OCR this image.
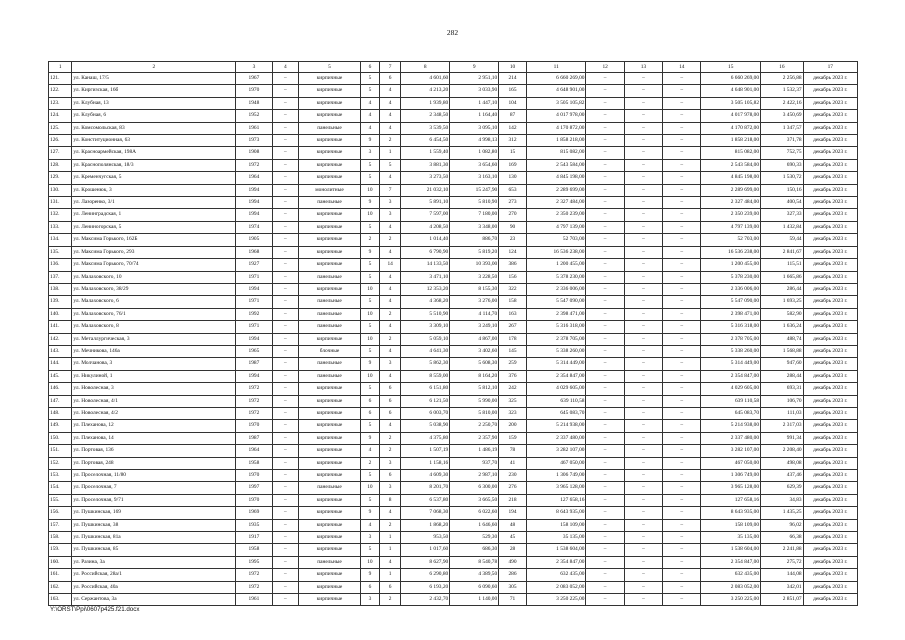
282
1	2	3	4	5	6	7	8	9	10	11	12	13	14	15	16	17
121.	ул. Канаш, 17/5	1967	–	кирпичные	5	6	4 601,60	2 951,10	214	6 660 269,00	–	–	–	6 660 269,00	2 256,88	декабрь 2023 г.
122.	ул. Киргизская, 16б	1970	–	кирпичные	5	4	4 213,20	3 033,90	165	4 648 901,00	–	–	–	4 648 901,00	1 532,37	декабрь 2023 г.
123.	ул. Клубная, 13	1948	–	кирпичные	4	4	1 939,80	1 447,10	104	3 505 105,82	–	–	–	3 505 105,82	2 422,16	декабрь 2023 г.
124.	ул. Клубная, 6	1952	–	кирпичные	4	4	2 348,50	1 164,40	87	4 017 978,00	–	–	–	4 017 978,00	3 450,69	декабрь 2023 г.
125.	ул. Комсомольская, 83	1961	–	панельные	4	4	3 539,50	3 095,10	142	4 170 872,00	–	–	–	4 170 872,00	1 347,57	декабрь 2023 г.
126.	ул. Конституционная, 63	1973	–	кирпичные	9	2	6 454,50	4 998,13	312	1 858 218,00	–	–	–	1 858 218,00	371,78	декабрь 2023 г.
127.	ул. Красноармейская, 198А	1908	–	кирпичные	3	1	1 559,40	1 082,80	15	815 082,00	–	–	–	815 082,00	752,75	декабрь 2023 г.
128.	ул. Краснополянская, 18/3	1972	–	кирпичные	5	5	3 881,30	3 654,60	169	2 543 584,00	–	–	–	2 543 584,00	690,33	декабрь 2023 г.
129.	ул. Кременчугская, 5	1964	–	кирпичные	5	4	3 273,50	3 163,10	130	4 845 198,00	–	–	–	4 845 198,00	1 530,72	декабрь 2023 г.
130.	ул. Крошенюк, 3	1994	–	монолитные	10	7	21 032,10	15 247,90	653	2 289 699,00	–	–	–	2 289 699,00	150,16	декабрь 2023 г.
131.	ул. Лазоренко, 3/1	1994	–	панельные	9	3	5 891,10	5 810,90	273	2 327 484,00	–	–	–	2 327 484,00	400,54	декабрь 2023 г.
132.	ул. Ленинградская, 1	1994	–	кирпичные	10	3	7 597,00	7 180,00	270	2 350 239,00	–	–	–	2 350 239,00	327,33	декабрь 2023 г.
133.	ул. Лениногорская, 5	1974	–	кирпичные	5	4	4 208,50	3 348,00	90	4 797 139,00	–	–	–	4 797 139,00	1 432,84	декабрь 2023 г.
134.	ул. Максима Горького, 162Б	1905	–	кирпичные	2	2	1 014,40	886,70	23	52 703,00	–	–	–	52 703,00	59,44	декабрь 2023 г.
135.	ул. Максима Горького, 293	1968	–	кирпичные	9	4	6 790,90	5 819,20	124	16 536 238,00	–	–	–	16 536 238,00	2 841,67	декабрь 2023 г.
136.	ул. Максима Горького, 70/74	1927	–	кирпичные	5	14	14 133,50	10 393,00	386	1 200 455,00	–	–	–	1 200 455,00	115,51	декабрь 2023 г.
137.	ул. Малаховского, 10	1971	–	панельные	5	4	3 471,10	3 228,50	156	5 378 230,00	–	–	–	5 378 230,00	1 665,86	декабрь 2023 г.
138.	ул. Малаховского, 38/29	1994	–	кирпичные	10	4	12 353,20	8 155,30	322	2 336 006,00	–	–	–	2 336 006,00	286,44	декабрь 2023 г.
139.	ул. Малаховского, 6	1971	–	панельные	5	4	4 368,20	3 276,00	158	5 547 090,00	–	–	–	5 547 090,00	1 693,25	декабрь 2023 г.
140.	ул. Малаховского, 76/1	1992	–	панельные	10	2	5 510,90	4 114,70	163	2 398 471,00	–	–	–	2 398 471,00	582,90	декабрь 2023 г.
141.	ул. Малаховского, 8	1971	–	панельные	5	4	3 309,10	3 249,10	267	5 316 318,00	–	–	–	5 316 318,00	1 636,24	декабрь 2023 г.
142.	ул. Металлургическая, 3	1994	–	кирпичные	10	2	5 059,10	4 867,00	178	2 378 705,00	–	–	–	2 378 705,00	488,74	декабрь 2023 г.
143.	ул. Мечникова, 146а	1965	–	блочные	5	4	4 641,30	3 402,60	145	5 338 260,00	–	–	–	5 338 260,00	1 568,88	декабрь 2023 г.
144.	ул. Молчанова, 3	1987	–	панельные	9	3	5 862,30	5 608,30	259	5 314 449,00	–	–	–	5 314 449,00	947,60	декабрь 2023 г.
145.	ул. Никулиной, 1	1994	–	панельные	10	4	8 559,00	8 164,20	376	2 354 847,00	–	–	–	2 354 847,00	288,44	декабрь 2023 г.
146.	ул. Новолесная, 3	1972	–	кирпичные	5	6	6 151,80	5 812,10	242	4 029 605,00	–	–	–	4 029 605,00	693,31	декабрь 2023 г.
147.	ул. Новолесная, 4/1	1972	–	кирпичные	6	6	6 121,50	5 990,00	325	639 110,58	–	–	–	639 110,58	106,70	декабрь 2023 г.
148.	ул. Новолесная, 4/2	1972	–	кирпичные	6	6	6 003,70	5 810,00	323	645 083,70	–	–	–	645 083,70	111,03	декабрь 2023 г.
149.	ул. Плеханова, 12	1970	–	кирпичные	5	4	5 038,90	2 250,70	200	5 214 938,00	–	–	–	5 214 938,00	2 317,03	декабрь 2023 г.
150.	ул. Плеханова, 14	1987	–	кирпичные	9	2	4 375,80	2 357,90	159	2 337 480,00	–	–	–	2 337 480,00	991,34	декабрь 2023 г.
151.	ул. Портовая, 136	1964	–	кирпичные	4	2	1 507,19	1 486,19	78	3 282 107,00	–	–	–	3 282 107,00	2 208,40	декабрь 2023 г.
152.	ул. Портовая, 248	1958	–	кирпичные	2	3	1 158,16	937,70	41	467 050,00	–	–	–	467 050,00	498,08	декабрь 2023 г.
153.	ул. Проселочная, 11/80	1970	–	кирпичные	5	6	4 609,30	2 987,10	230	1 306 749,00	–	–	–	1 306 749,00	437,46	декабрь 2023 г.
154.	ул. Проселочная, 7	1997	–	панельные	10	3	8 201,70	6 300,00	276	3 965 128,00	–	–	–	3 965 128,00	629,39	декабрь 2023 г.
155.	ул. Проселочная, 9/71	1970	–	кирпичные	5	8	6 537,80	3 665,50	218	127 658,16	–	–	–	127 658,16	34,83	декабрь 2023 г.
156.	ул. Пушкинская, 169	1969	–	кирпичные	9	4	7 068,30	6 022,60	194	8 643 935,00	–	–	–	8 643 935,00	1 435,25	декабрь 2023 г.
157.	ул. Пушкинская, 38	1935	–	кирпичные	4	2	1 868,20	1 646,60	48	158 109,00	–	–	–	158 109,00	96,02	декабрь 2023 г.
158.	ул. Пушкинская, 81а	1917	–	кирпичные	3	1	953,50	529,30	45	35 135,00	–	–	–	35 135,00	66,38	декабрь 2023 г.
159.	ул. Пушкинская, 85	1958	–	кирпичные	5	1	1 017,60	686,30	28	1 538 604,00	–	–	–	1 538 604,00	2 241,88	декабрь 2023 г.
160.	ул. Разина, 3а	1995	–	панельные	10	4	8 627,90	8 540,78	490	2 354 847,00	–	–	–	2 354 847,00	275,72	декабрь 2023 г.
161.	ул. Российская, 28а/1	1972	–	кирпичные	9	1	6 290,80	4 389,50	286	632 435,00	–	–	–	632 435,00	144,08	декабрь 2023 г.
162.	ул. Российская, 40а	1972	–	кирпичные	6	6	6 193,20	6 090,60	305	2 083 052,00	–	–	–	2 083 052,00	342,01	декабрь 2023 г.
163.	ул. Сержантова, 3а	1961	–	кирпичные	3	2	2 432,70	1 140,00	71	3 250 225,00	–	–	–	3 250 225,00	2 851,07	декабрь 2023 г.
Y:\ORST\Ppi\0607p425.f21.docx
